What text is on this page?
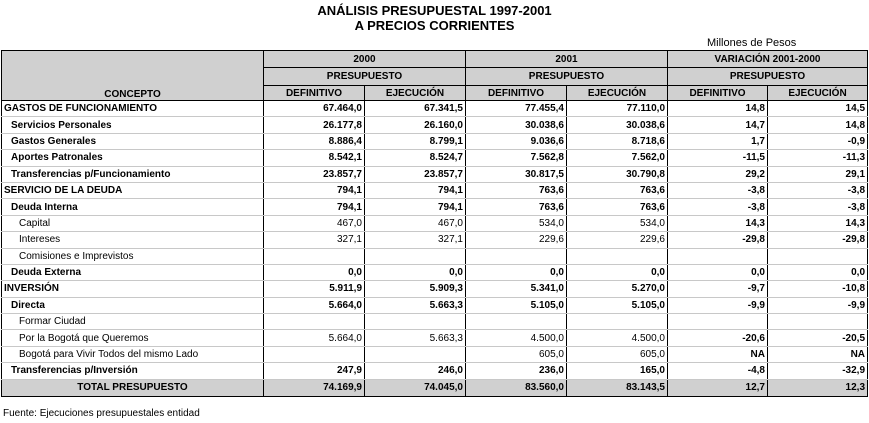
ANÁLISIS PRESUPUESTAL 1997-2001
A PRECIOS CORRIENTES
Millones de Pesos
CONCEPTO	2000		2001		VARIACIÓN 2001-2000	
	PRESUPUESTO		PRESUPUESTO		PRESUPUESTO	
	DEFINITIVO	EJECUCIÓN	DEFINITIVO	EJECUCIÓN	DEFINITIVO	EJECUCIÓN
GASTOS DE FUNCIONAMIENTO	67.464,0	67.341,5	77.455,4	77.110,0	14,8	14,5
Servicios Personales	26.177,8	26.160,0	30.038,6	30.038,6	14,7	14,8
Gastos Generales	8.886,4	8.799,1	9.036,6	8.718,6	1,7	-0,9
Aportes Patronales	8.542,1	8.524,7	7.562,8	7.562,0	-11,5	-11,3
Transferencias p/Funcionamiento	23.857,7	23.857,7	30.817,5	30.790,8	29,2	29,1
SERVICIO DE LA DEUDA	794,1	794,1	763,6	763,6	-3,8	-3,8
Deuda Interna	794,1	794,1	763,6	763,6	-3,8	-3,8
Capital	467,0	467,0	534,0	534,0	14,3	14,3
Intereses	327,1	327,1	229,6	229,6	-29,8	-29,8
Comisiones e Imprevistos						
Deuda Externa	0,0	0,0	0,0	0,0	0,0	0,0
INVERSIÓN	5.911,9	5.909,3	5.341,0	5.270,0	-9,7	-10,8
Directa	5.664,0	5.663,3	5.105,0	5.105,0	-9,9	-9,9
Formar Ciudad						
Por la Bogotá que Queremos	5.664,0	5.663,3	4.500,0	4.500,0	-20,6	-20,5
Bogotá para Vivir Todos del mismo Lado			605,0	605,0	NA	NA
Transferencias p/Inversión	247,9	246,0	236,0	165,0	-4,8	-32,9
TOTAL PRESUPUESTO	74.169,9	74.045,0	83.560,0	83.143,5	12,7	12,3
Fuente: Ejecuciones presupuestales entidad
